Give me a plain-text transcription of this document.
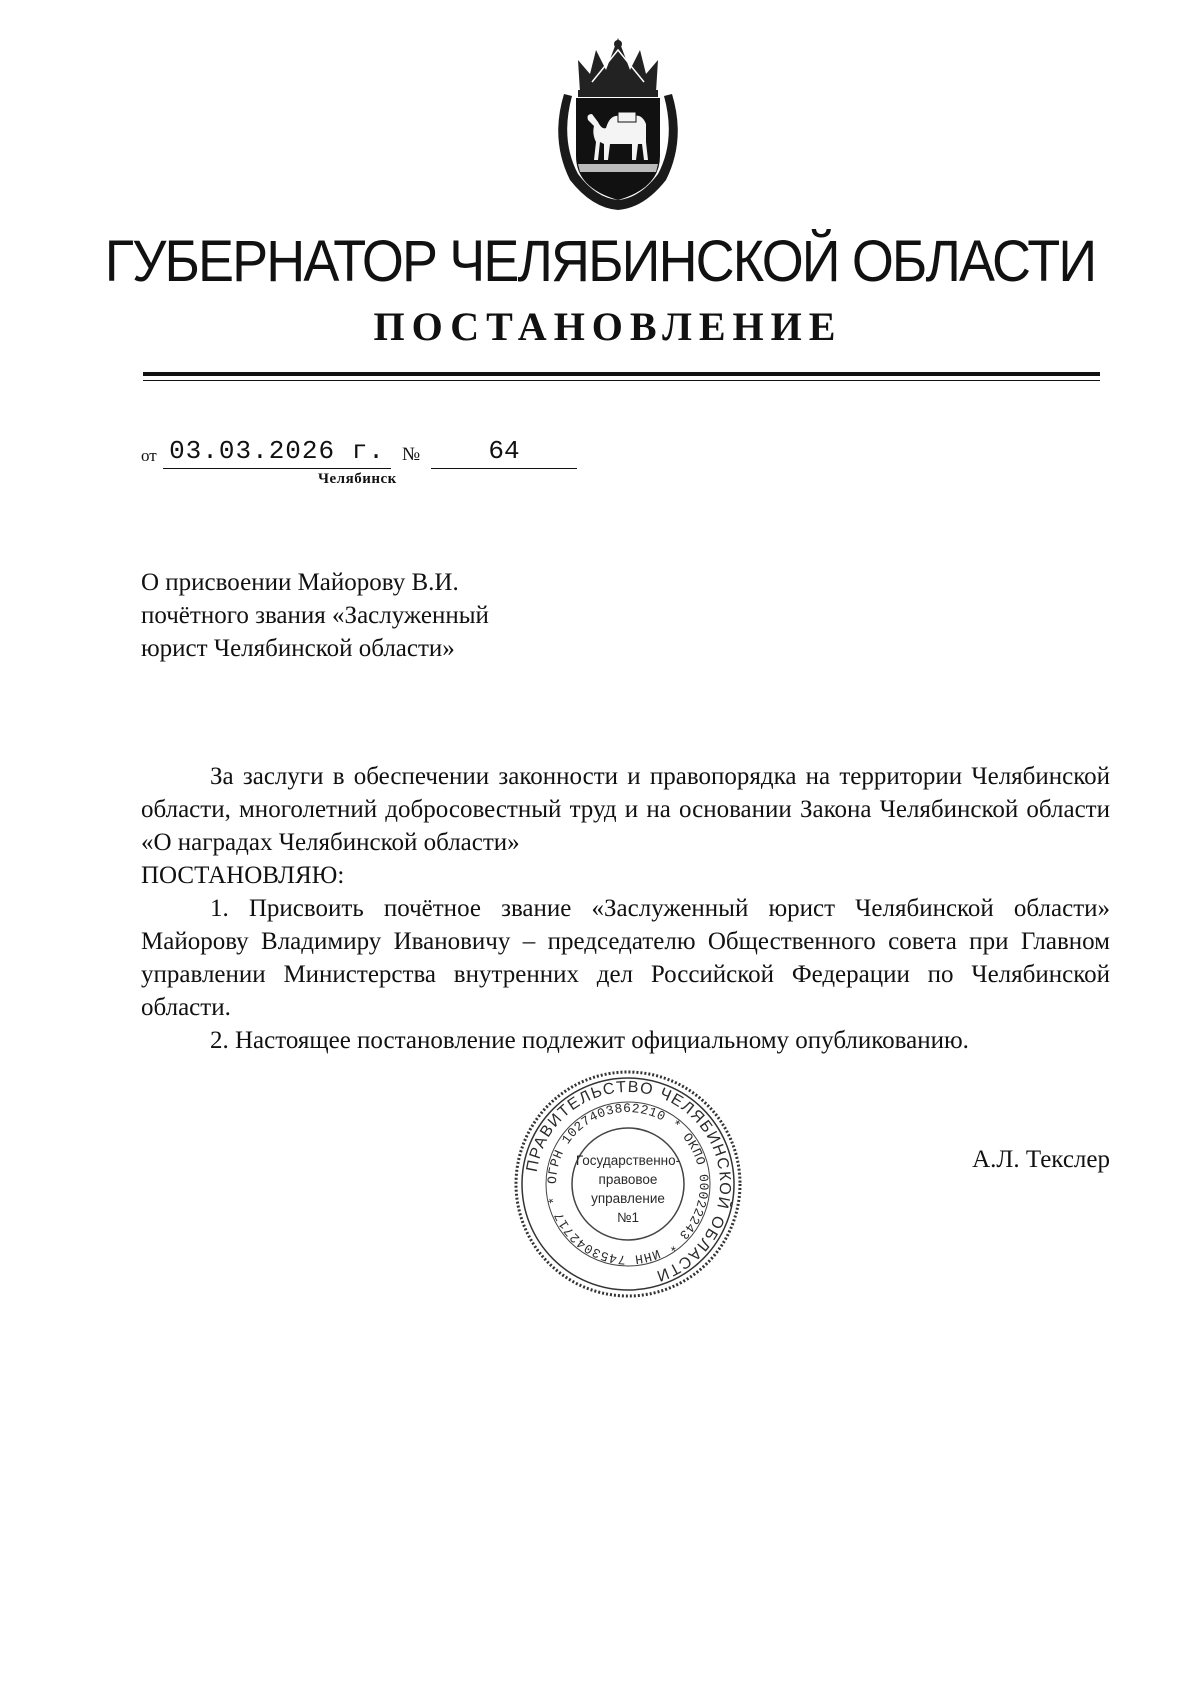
ГУБЕРНАТОР ЧЕЛЯБИНСКОЙ ОБЛАСТИ
ПОСТАНОВЛЕНИЕ
от 03.03.2026 г. №	64
Челябинск
О присвоении Майорову В.И.
почётного звания «Заслуженный
юрист Челябинской области»

За заслуги в обеспечении законности и правопорядка на территории Челябинской области, многолетний добросовестный труд и на основании Закона Челябинской области «О наградах Челябинской области»

ПОСТАНОВЛЯЮ:

1. Присвоить почётное звание «Заслуженный юрист Челябинской области» Майорову Владимиру Ивановичу – председателю Общественного совета при Главном управлении Министерства внутренних дел Российской Федерации по Челябинской области.

2. Настоящее постановление подлежит официальному опубликованию.

ПРАВИТЕЛЬСТВО ЧЕЛЯБИНСКОЙ ОБЛАСТИ
ОГРН 1027403862210 * ОКПО 00022243 * ИНН 7453042717 *
Государственно-
правовое
управление
№1
А.Л. Текслер
